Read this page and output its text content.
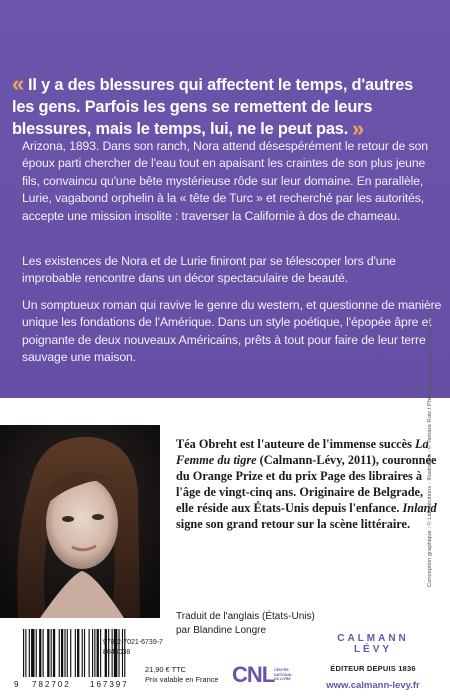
« Il y a des blessures qui affectent le temps, d'autres les gens. Parfois les gens se remettent de leurs blessures, mais le temps, lui, ne le peut pas. »

Arizona, 1893. Dans son ranch, Nora attend désespérément le retour de son époux parti chercher de l'eau tout en apaisant les craintes de son plus jeune fils, convaincu qu'une bête mystérieuse rôde sur leur domaine. En parallèle, Lurie, vagabond orphelin à la « tête de Turc » et recherché par les autorités, accepte une mission insolite : traverser la Californie à dos de chameau.

Les existences de Nora et de Lurie finiront par se télescoper lors d'une improbable rencontre dans un décor spectaculaire de beauté.

Un somptueux roman qui ravive le genre du western, et questionne de manière unique les fondations de l'Amérique. Dans un style poétique, l'épopée âpre et poignante de deux nouveaux Américains, prêts à tout pour faire de leur terre sauvage une maison.

Téa Obreht est l'auteure de l'immense succès La Femme du tigre (Calmann-Lévy, 2011), couronnée du Orange Prize et du prix Page des libraires à l'âge de vingt-cinq ans. Originaire de Belgrade, elle réside aux États-Unis depuis l'enfance. Inland signe son grand retour sur la scène littéraire.
Traduit de l'anglais (États-Unis)
par Blandine Longre
9 782702 167397
978-2-7021-6739-7
8044038
21,90 € TTC
Prix valable en France CNL CENTRE NATIONAL DU LIVRE
CALMANN
LÉVY
ÉDITEUR DEPUIS 1836
www.calmann-levy.fr
